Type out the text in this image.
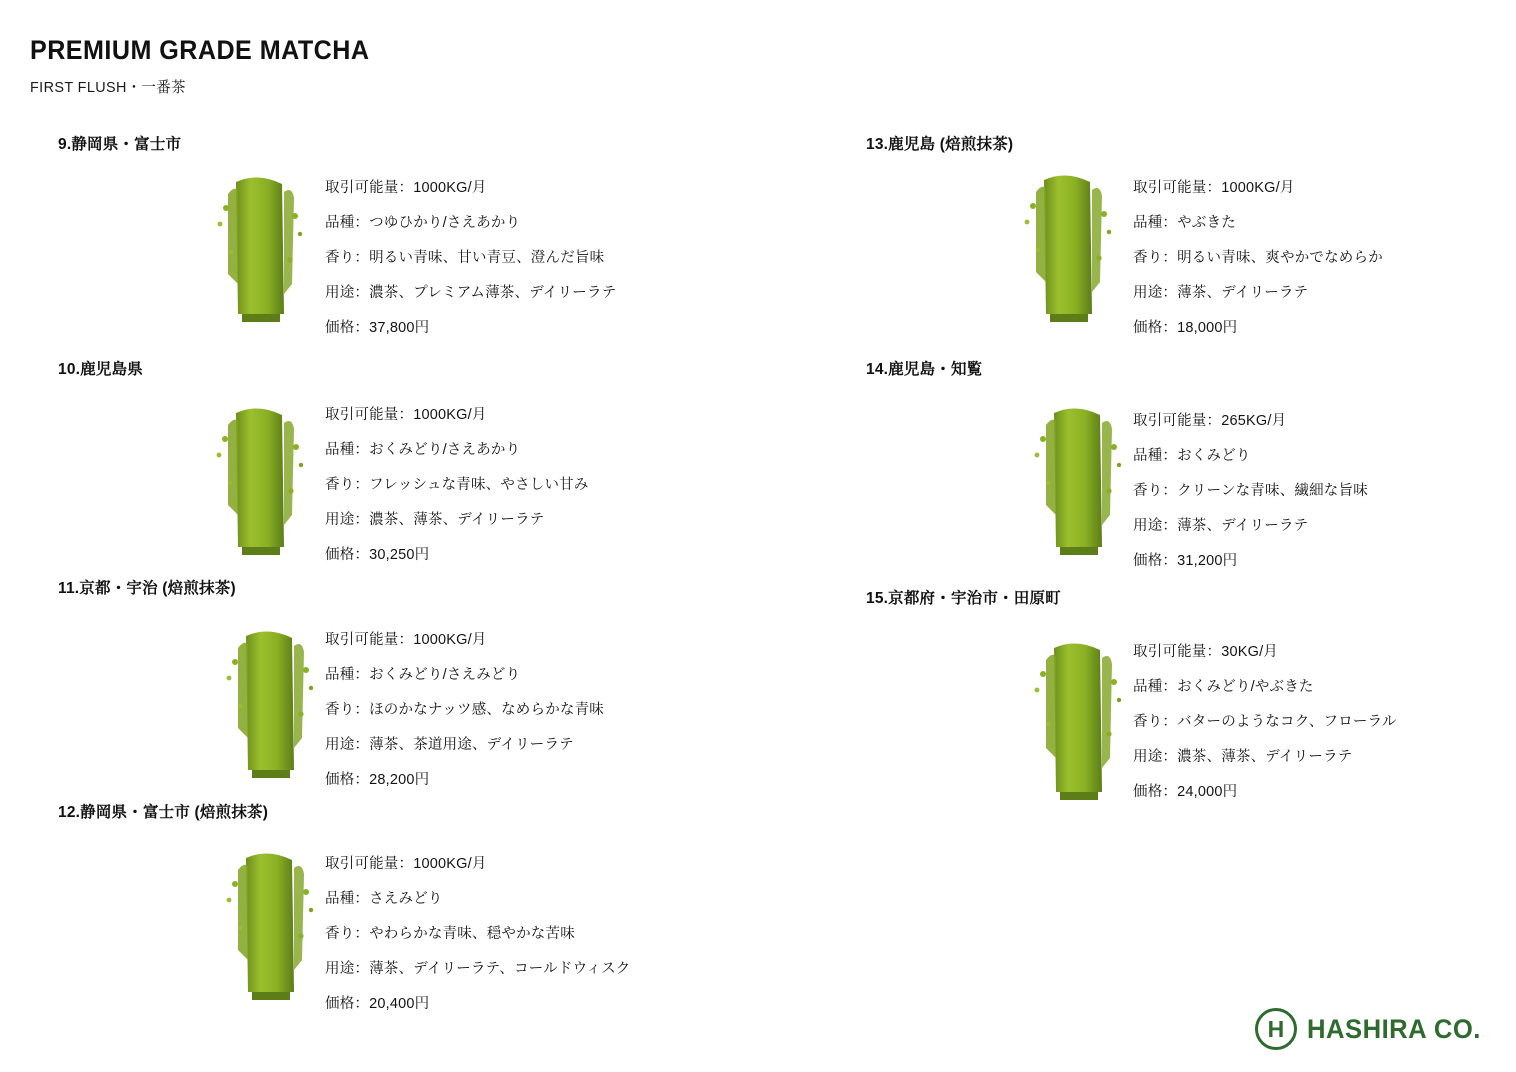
PREMIUM GRADE MATCHA
FIRST FLUSH・一番茶
9.静岡県・富士市
取引可能量：1000KG/月
品種：つゆひかり/さえあかり
香り：明るい青味、甘い青豆、澄んだ旨味
用途：濃茶、プレミアム薄茶、デイリーラテ
価格：37,800円
10.鹿児島県
取引可能量：1000KG/月
品種：おくみどり/さえあかり
香り：フレッシュな青味、やさしい甘み
用途：濃茶、薄茶、デイリーラテ
価格：30,250円
11.京都・宇治 (焙煎抹茶)
取引可能量：1000KG/月
品種：おくみどり/さえみどり
香り：ほのかなナッツ感、なめらかな青味
用途：薄茶、茶道用途、デイリーラテ
価格：28,200円
12.静岡県・富士市 (焙煎抹茶)
取引可能量：1000KG/月
品種：さえみどり
香り：やわらかな青味、穏やかな苦味
用途：薄茶、デイリーラテ、コールドウィスク
価格：20,400円
13.鹿児島 (焙煎抹茶)
取引可能量：1000KG/月
品種：やぶきた
香り：明るい青味、爽やかでなめらか
用途：薄茶、デイリーラテ
価格：18,000円
14.鹿児島・知覧
取引可能量：265KG/月
品種：おくみどり
香り：クリーンな青味、繊細な旨味
用途：薄茶、デイリーラテ
価格：31,200円
15.京都府・宇治市・田原町
取引可能量：30KG/月
品種：おくみどり/やぶきた
香り：バターのようなコク、フローラル
用途：濃茶、薄茶、デイリーラテ
価格：24,000円
H HASHIRA CO.
